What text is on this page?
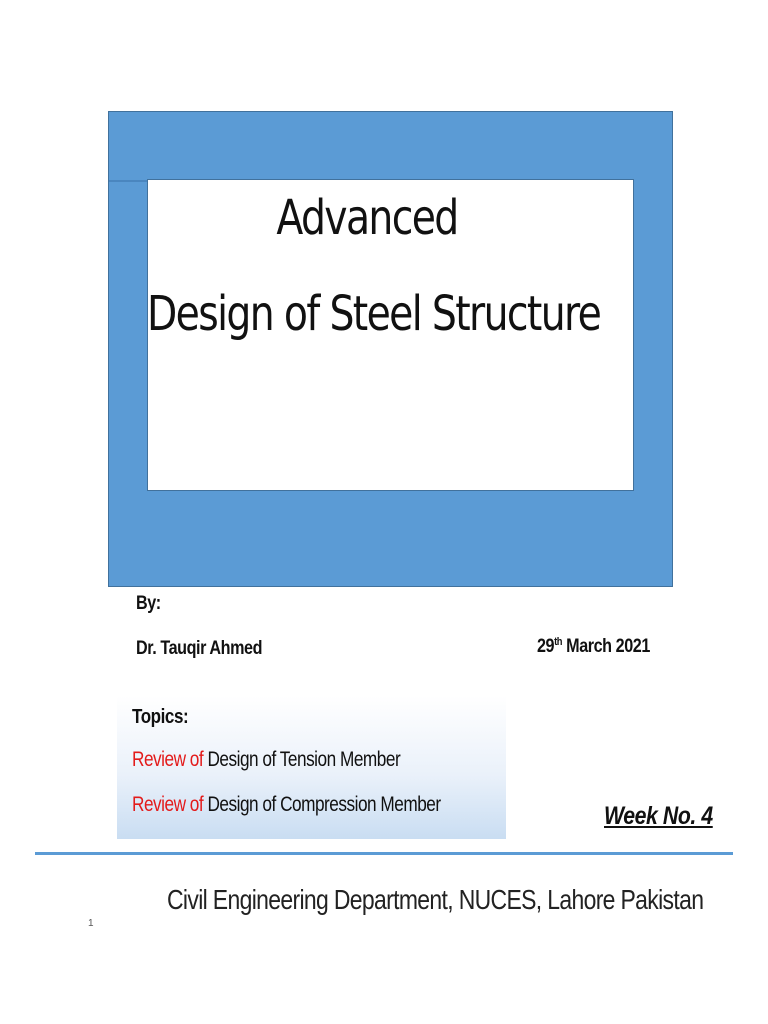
Advanced
Design of Steel Structure
By:
Dr. Tauqir Ahmed	29th March 2021
Topics:
Review of Design of Tension Member
Review of Design of Compression Member	Week No. 4
Civil Engineering Department, NUCES, Lahore Pakistan
1
